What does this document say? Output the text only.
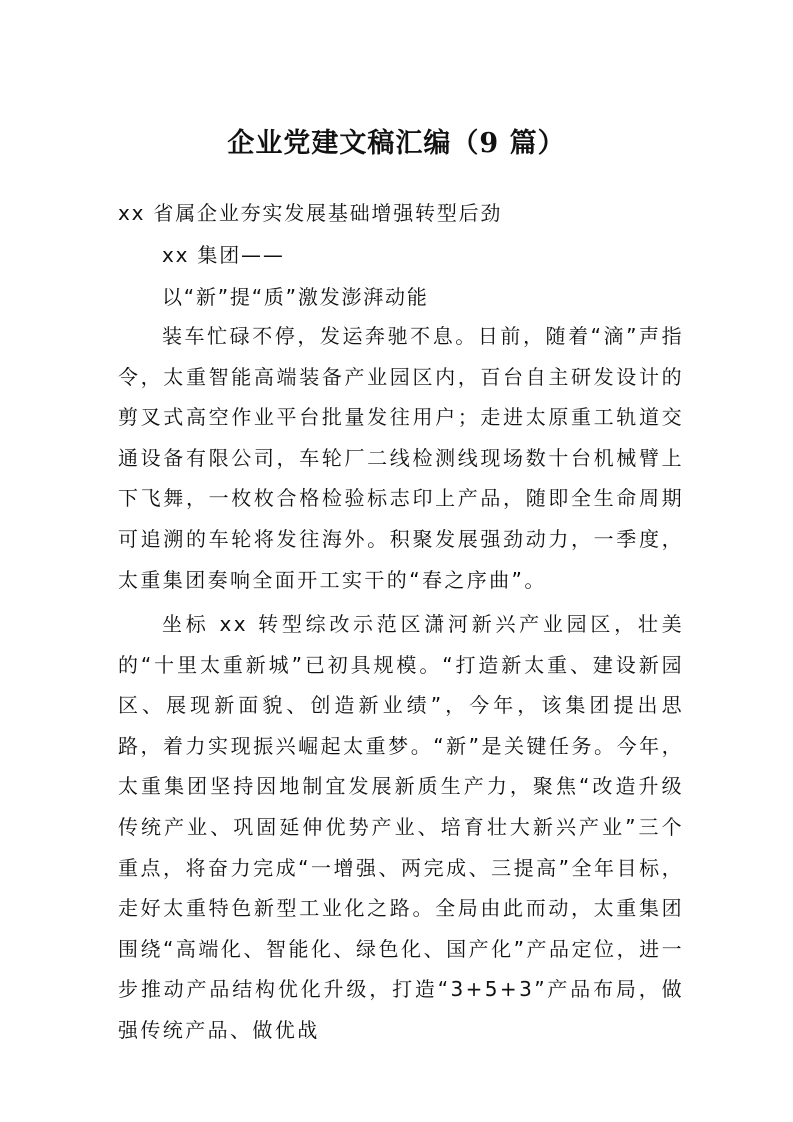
企业党建文稿汇编（9 篇）

xx 省属企业夯实发展基础增强转型后劲

xx 集团——

以“新”提“质”激发澎湃动能

装车忙碌不停，发运奔驰不息。日前，随着“滴”声指令，太重智能高端装备产业园区内，百台自主研发设计的剪叉式高空作业平台批量发往用户；走进太原重工轨道交通设备有限公司，车轮厂二线检测线现场数十台机械臂上下飞舞，一枚枚合格检验标志印上产品，随即全生命周期可追溯的车轮将发往海外。积聚发展强劲动力，一季度，太重集团奏响全面开工实干的“春之序曲”。

坐标 xx 转型综改示范区潇河新兴产业园区，壮美的“十里太重新城”已初具规模。“打造新太重、建设新园区、展现新面貌、创造新业绩”，今年，该集团提出思路，着力实现振兴崛起太重梦。“新”是关键任务。今年，太重集团坚持因地制宜发展新质生产力，聚焦“改造升级传统产业、巩固延伸优势产业、培育壮大新兴产业”三个重点，将奋力完成“一增强、两完成、三提高”全年目标，走好太重特色新型工业化之路。全局由此而动，太重集团围绕“高端化、智能化、绿色化、国产化”产品定位，进一步推动产品结构优化升级，打造“3+5+3”产品布局，做强传统产品、做优战
